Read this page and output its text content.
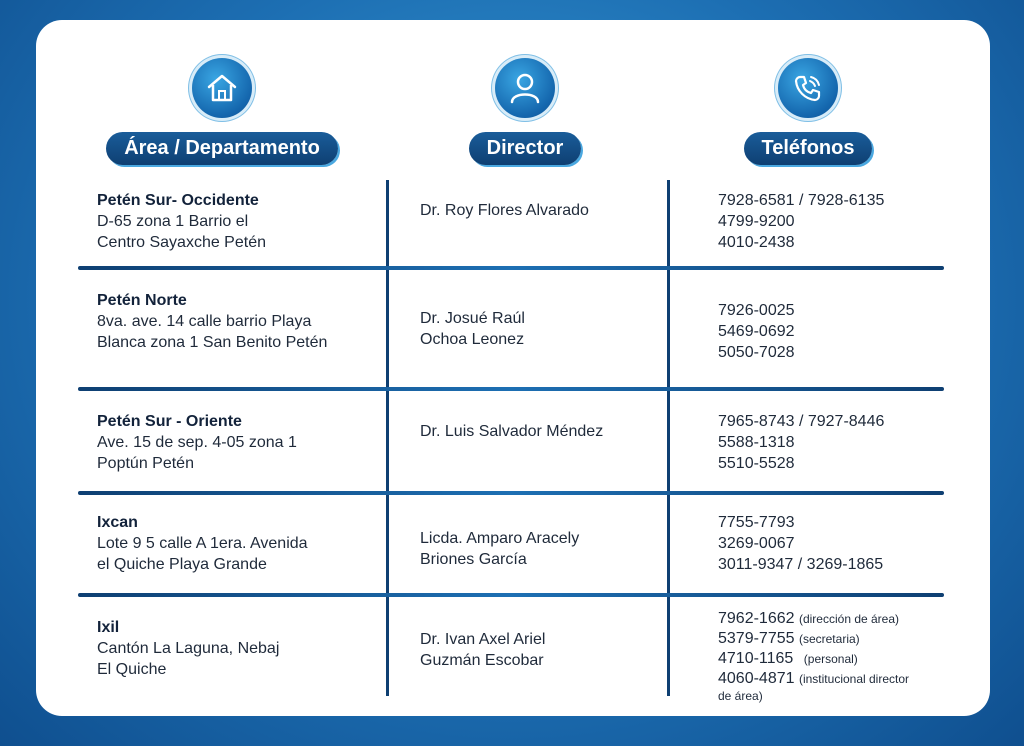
Área / Departamento	Director	Teléfonos
Petén Sur- Occidente
D-65 zona 1 Barrio el
Centro Sayaxche Petén
Dr. Roy Flores Alvarado
7928-6581 / 7928-6135
4799-9200
4010-2438
Petén Norte
8va. ave. 14 calle barrio Playa
Blanca zona 1 San Benito Petén
Dr. Josué Raúl
Ochoa Leonez
7926-0025
5469-0692
5050-7028
Petén Sur - Oriente
Ave. 15 de sep. 4-05 zona 1
Poptún Petén
Dr. Luis Salvador Méndez
7965-8743 / 7927-8446
5588-1318
5510-5528
Ixcan
Lote 9 5 calle A 1era. Avenida
el Quiche Playa Grande
Licda. Amparo Aracely
Briones García
7755-7793
3269-0067
3011-9347 / 3269-1865
Ixil
Cantón La Laguna, Nebaj
El Quiche
Dr. Ivan Axel Ariel
Guzmán Escobar
7962-1662 (dirección de área)
5379-7755 (secretaria)
4710-1165 (personal)
4060-4871 (institucional director
de área)
